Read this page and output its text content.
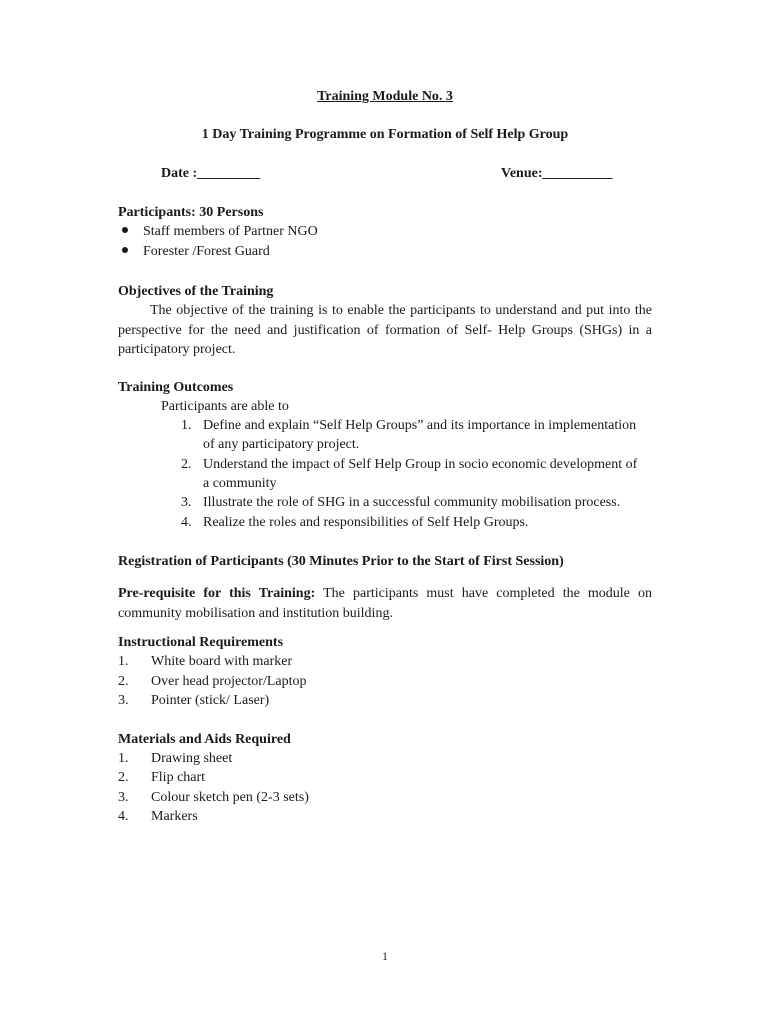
Training Module No. 3
1 Day Training Programme on Formation of Self Help Group
Date :_________	Venue:__________
Participants: 30 Persons
Staff members of Partner NGO
Forester /Forest Guard
Objectives of the Training
The objective of the training is to enable the participants to understand and put into the perspective for the need and justification of formation of Self- Help Groups (SHGs) in a participatory project.
Training Outcomes
Participants are able to
1. Define and explain “Self Help Groups” and its importance in implementation
of any participatory project.
2. Understand the impact of Self Help Group in socio economic development of
a community
3. Illustrate the role of SHG in a successful community mobilisation process.
4. Realize the roles and responsibilities of Self Help Groups.
Registration of Participants (30 Minutes Prior to the Start of First Session)
Pre-requisite for this Training: The participants must have completed the module on community mobilisation and institution building.
Instructional Requirements
1. White board with marker
2. Over head projector/Laptop
3. Pointer (stick/ Laser)
Materials and Aids Required
1. Drawing sheet
2. Flip chart
3. Colour sketch pen (2-3 sets)
4. Markers
1
